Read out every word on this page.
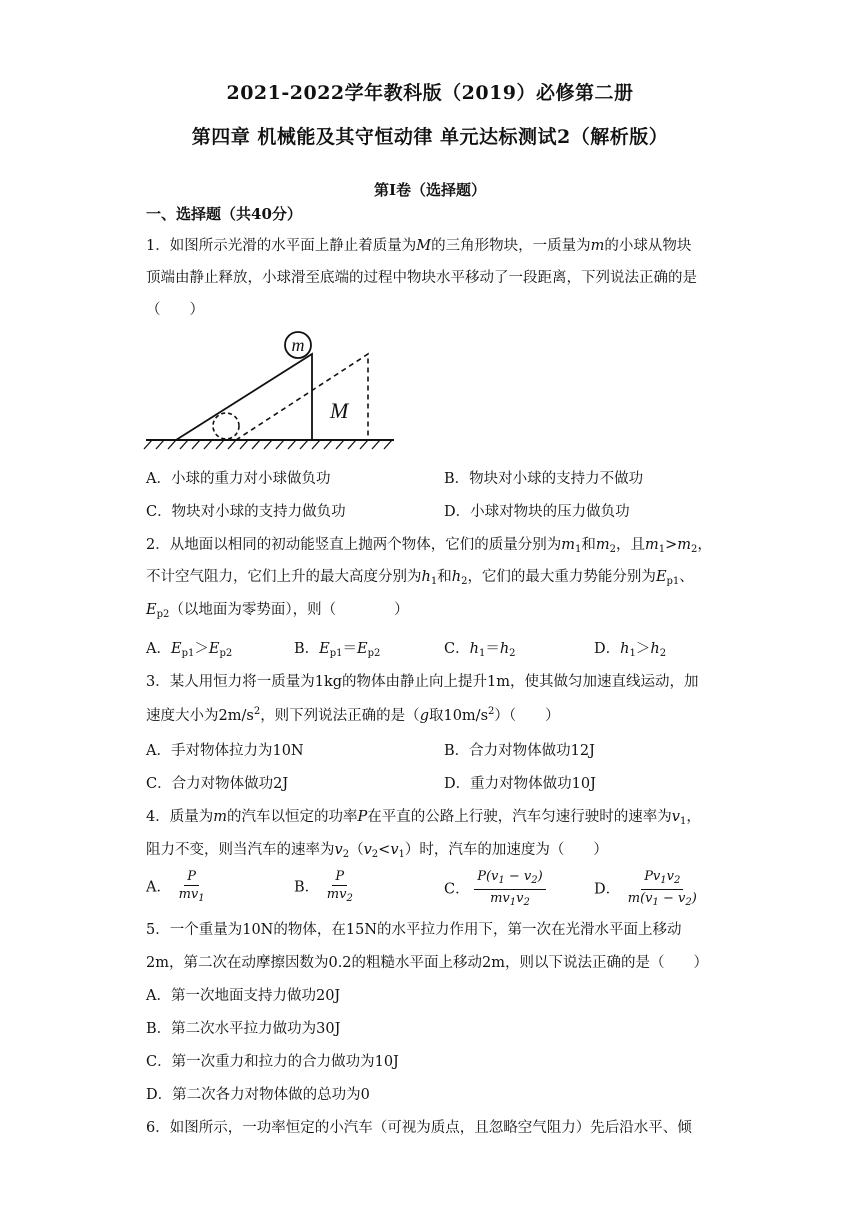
2021-2022学年教科版（2019）必修第二册
第四章 机械能及其守恒动律 单元达标测试2（解析版）
第I卷（选择题）
一、选择题（共40分）
1．如图所示光滑的水平面上静止着质量为M的三角形物块，一质量为m的小球从物块
顶端由静止释放，小球滑至底端的过程中物块水平移动了一段距离，下列说法正确的是
（　　）
m
M
A．小球的重力对小球做负功	B．物块对小球的支持力不做功
C．物块对小球的支持力做负功	D．小球对物块的压力做负功
2．从地面以相同的初动能竖直上抛两个物体，它们的质量分别为$m_1$和$m_2$，且$m_1>m_2$，
不计空气阻力，它们上升的最大高度分别为$h_1$和$h_2$，它们的最大重力势能分别为$E_{p1}$、
$E_{p2}$（以地面为零势面），则（　　　　）
A．$E_{p1}>E_{p2}$	B．$E_{p1}=E_{p2}$	C．$h_1=h_2$	D．$h_1>h_2$
3．某人用恒力将一质量为1kg的物体由静止向上提升1m，使其做匀加速直线运动，加
速度大小为$2m/s^2$，则下列说法正确的是（g取$10m/s^2$）（　　）
A．手对物体拉力为10N	B．合力对物体做功12J
C．合力对物体做功2J	D．重力对物体做功10J
4．质量为m的汽车以恒定的功率P在平直的公路上行驶，汽车匀速行驶时的速率为$v_1$，
阻力不变，则当汽车的速率为$v_2(v_2<v_1)$时，汽车的加速度为（　　）
A． $\frac{P}{mv_1}$	B． $\frac{P}{mv_2}$	C． $\frac{P(v_1 - v_2)}{mv_1v_2}$	D． $\frac{Pv_1v_2}{m(v_1 - v_2)}$
5．一个重量为10N的物体，在15N的水平拉力作用下，第一次在光滑水平面上移动
2m，第二次在动摩擦因数为0.2的粗糙水平面上移动2m，则以下说法正确的是（　　）
A．第一次地面支持力做功20J
B．第二次水平拉力做功为30J
C．第一次重力和拉力的合力做功为10J
D．第二次各力对物体做的总功为0
6．如图所示，一功率恒定的小汽车（可视为质点，且忽略空气阻力）先后沿水平、倾
